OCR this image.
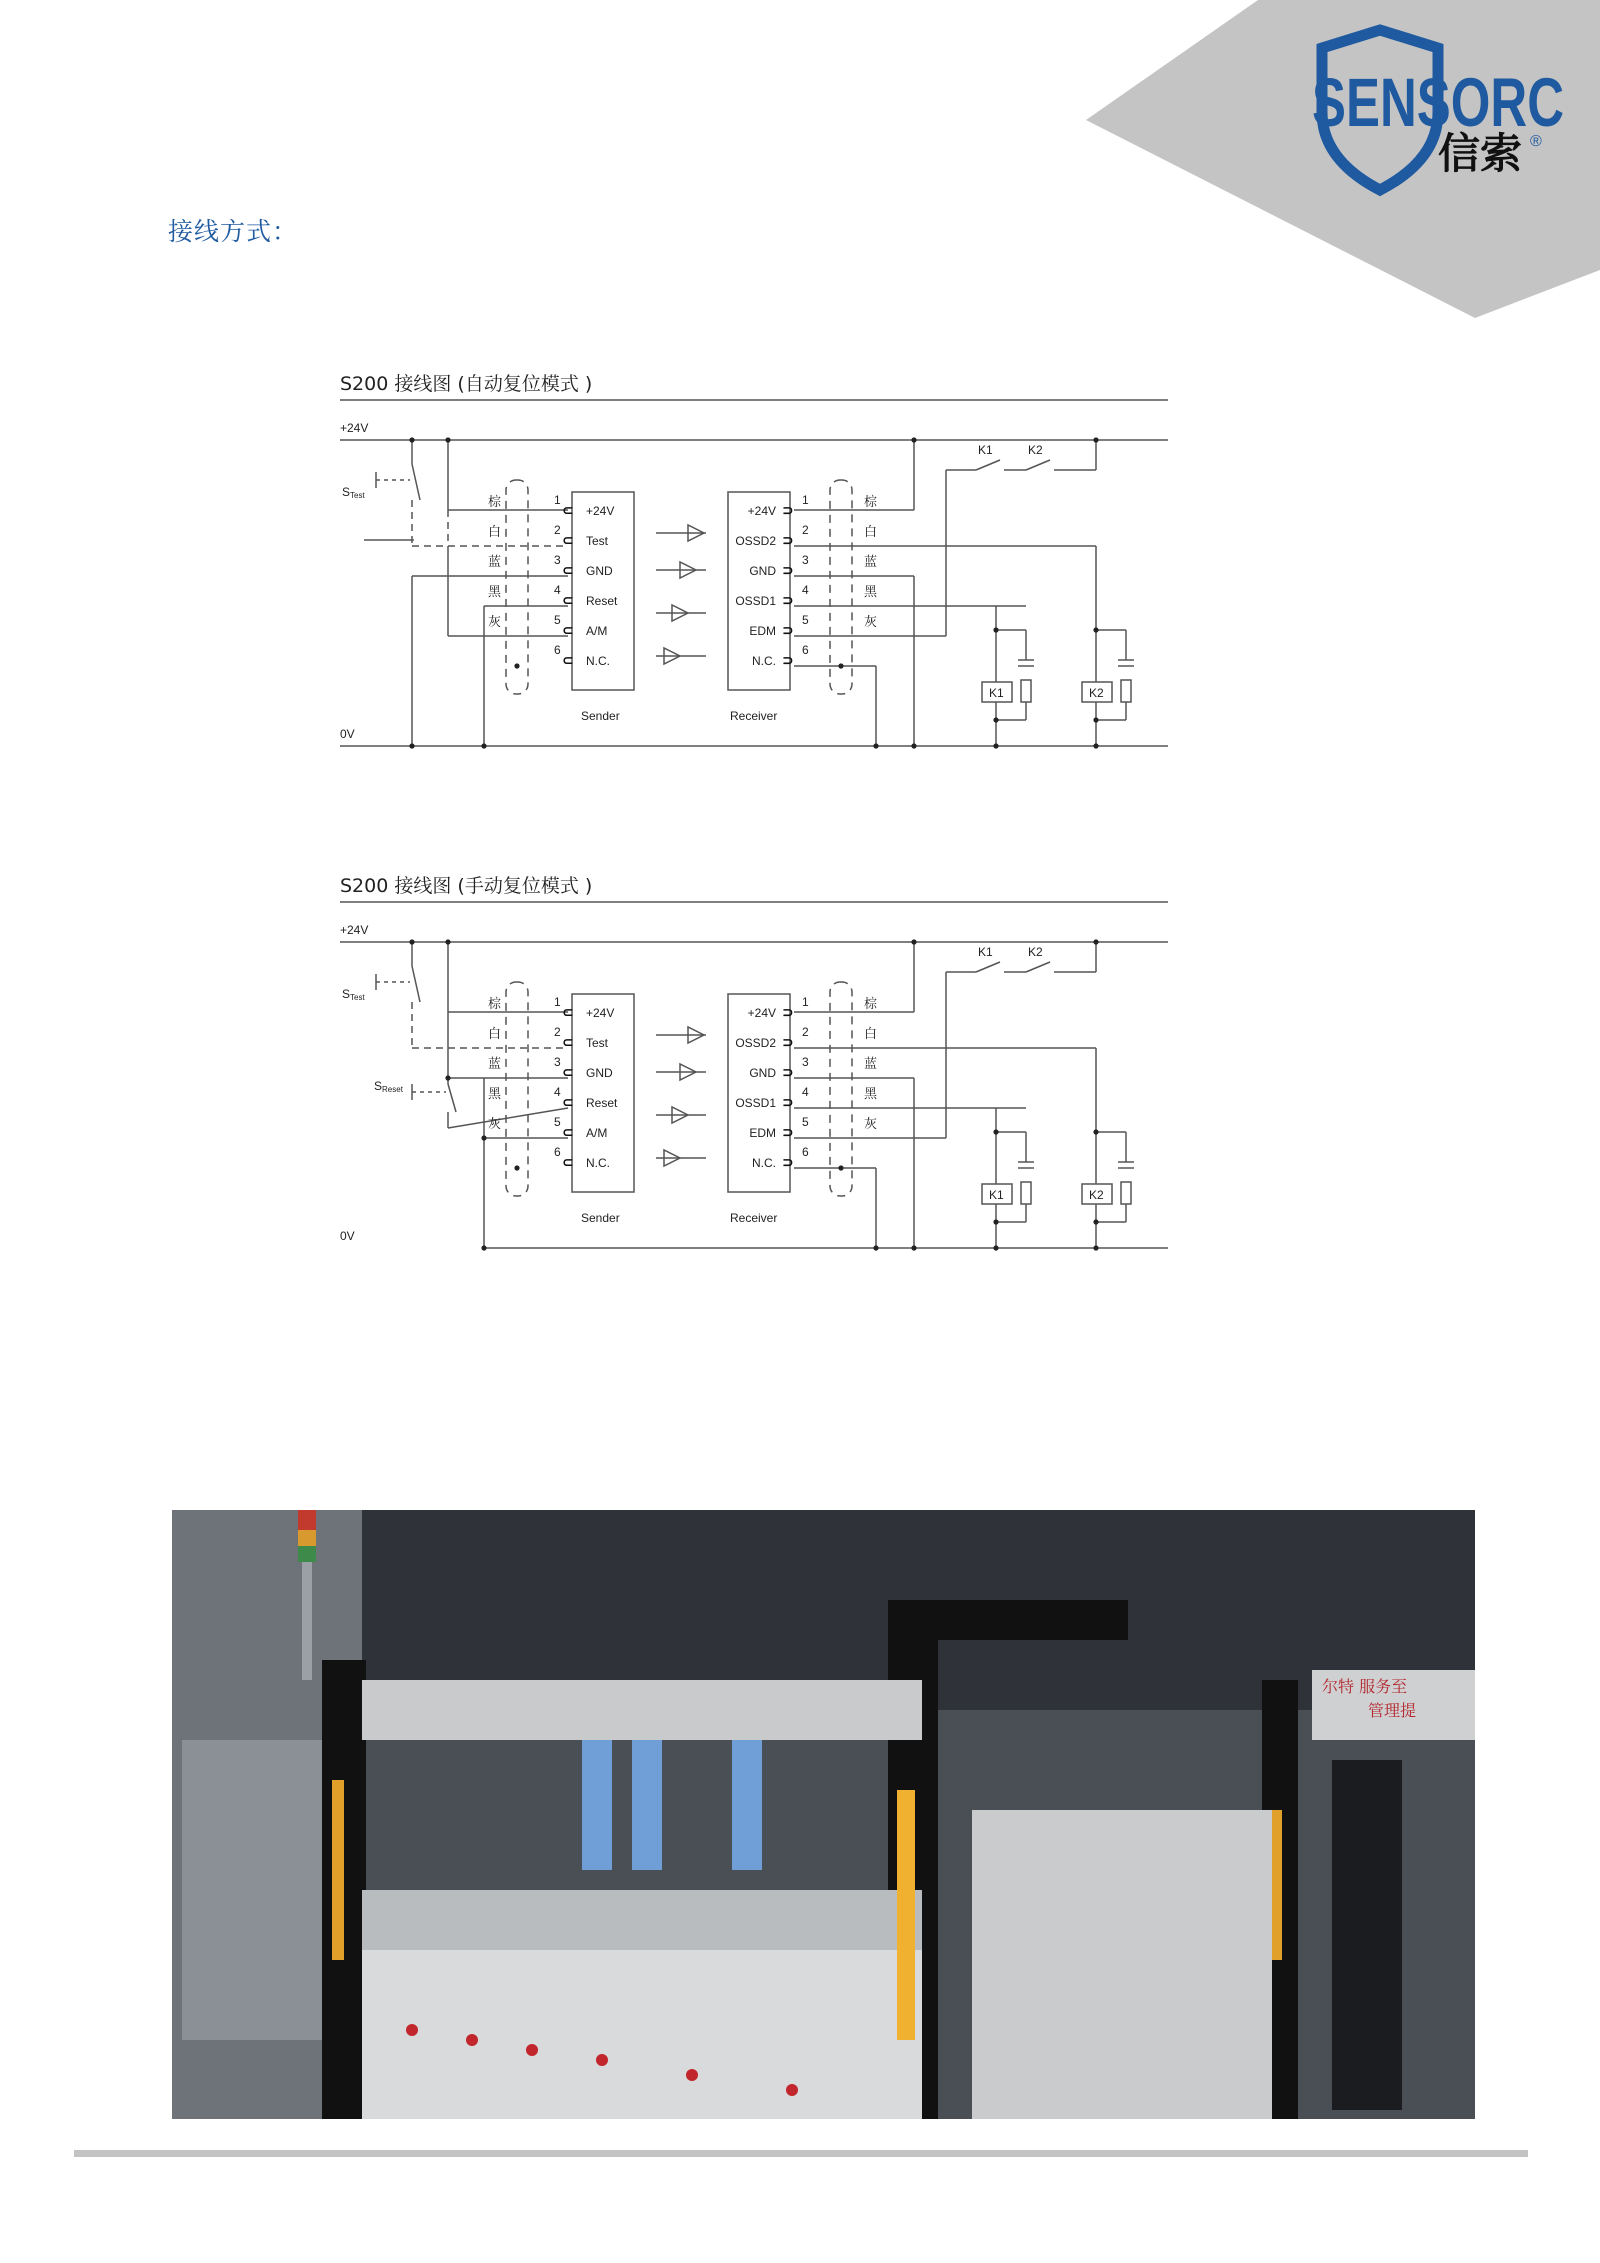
SENSORC
信索 ®
接线方式：
S200 接线图 (自动复位模式 )
+24V
0V
STest	棕
白
蓝
黑
灰
棕
白
蓝
黑
灰
1
2
3
4
5
6
1
2
3
4
5
6
⊂
⊂
⊂
⊂
⊂
⊂
⊃
⊃
⊃
⊃
⊃
⊃
+24V
Test
GND
Reset
A/M
N.C.
+24V
OSSD2
GND
OSSD1
EDM
N.C.
Sender	Receiver
K1	K2
K1	K2
S200 接线图 (手动复位模式 )
+24V
0V
STest
SReset
棕
白
蓝
黑
灰
棕
白
蓝
黑
灰
1
2
3
4
5
6
1
2
3
4
5
6
⊂
⊂
⊂
⊂
⊂
⊂
⊃
⊃
⊃
⊃
⊃
⊃
+24V
Test
GND
Reset
A/M
N.C.
+24V
OSSD2
GND
OSSD1
EDM
N.C.
Sender	Receiver
K1	K2
K1	K2
尔特 服务至
管理提
